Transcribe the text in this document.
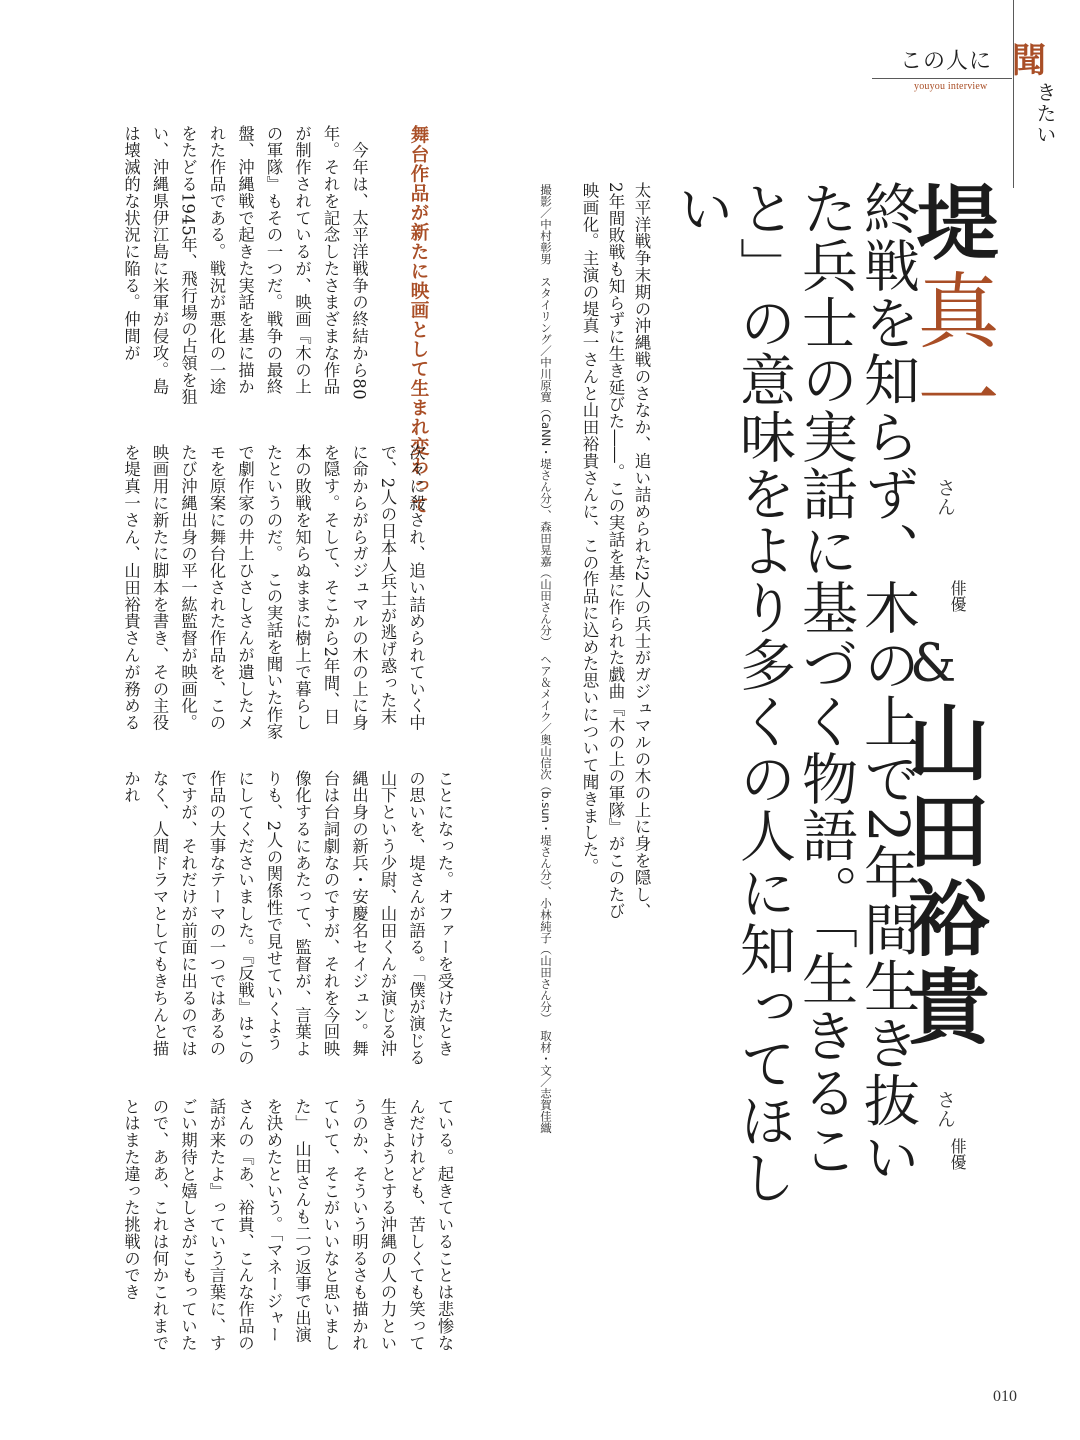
この人に 聞
きたい
youyou interview
堤真一
さん
俳優
&
山田裕貴
さん
俳優
終戦を知らず、木の上で2年間生き抜いた兵士の実話に基づく物語。「生きること」の意味をより多くの人に知ってほしい
太平洋戦争末期の沖縄戦のさなか、追い詰められた2人の兵士がガジュマルの木の上に身を隠し、2年間敗戦も知らずに生き延びた――。この実話を基に作られた戯曲『木の上の軍隊』がこのたび映画化。主演の堤真一さんと山田裕貴さんに、この作品に込めた思いについて聞きました。
撮影／中村彰男　スタイリング／中川原寛（CaNN・堤さん分）、森田晃嘉（山田さん分）　ヘア＆メイク／奥山信次（b.sun・堤さん分）、小林純子（山田さん分）　取材・文／志賀佳織
舞台作品が新たに映画として生まれ変わって
　今年は、太平洋戦争の終結から80年。それを記念したさまざまな作品が制作されているが、映画『木の上の軍隊』もその一つだ。戦争の最終盤、沖縄戦で起きた実話を基に描かれた作品である。戦況が悪化の一途をたどる1945年、飛行場の占領を狙い、沖縄県伊江島に米軍が侵攻。島は壊滅的な状況に陥る。仲間が
次々に殺され、追い詰められていく中で、2人の日本人兵士が逃げ惑った末に命からがらガジュマルの木の上に身を隠す。そして、そこから2年間、日本の敗戦を知らぬままに樹上で暮らしたというのだ。　この実話を聞いた作家で劇作家の井上ひさしさんが遺したメモを原案に舞台化された作品を、このたび沖縄出身の平一紘監督が映画化。映画用に新たに脚本を書き、その主役を堤真一さん、山田裕貴さんが務める
ことになった。オファーを受けたときの思いを、堤さんが語る。「僕が演じる山下という少尉、山田くんが演じる沖縄出身の新兵・安慶名セイジュン。舞台は台詞劇なのですが、それを今回映像化するにあたって、監督が、言葉よりも、2人の関係性で見せていくようにしてくださいました。『反戦』はこの作品の大事なテーマの一つではあるのですが、それだけが前面に出るのではなく、人間ドラマとしてもきちんと描かれ
ている。起きていることは悲惨なんだけれども、苦しくても笑って生きようとする沖縄の人の力というのか、そういう明るさも描かれていて、そこがいいなと思いました」　山田さんも二つ返事で出演を決めたという。「マネージャーさんの『あ、裕貴、こんな作品の話が来たよ』っていう言葉に、すごい期待と嬉しさがこもっていたので、ああ、これは何かこれまでとはまた違った挑戦のでき
010
